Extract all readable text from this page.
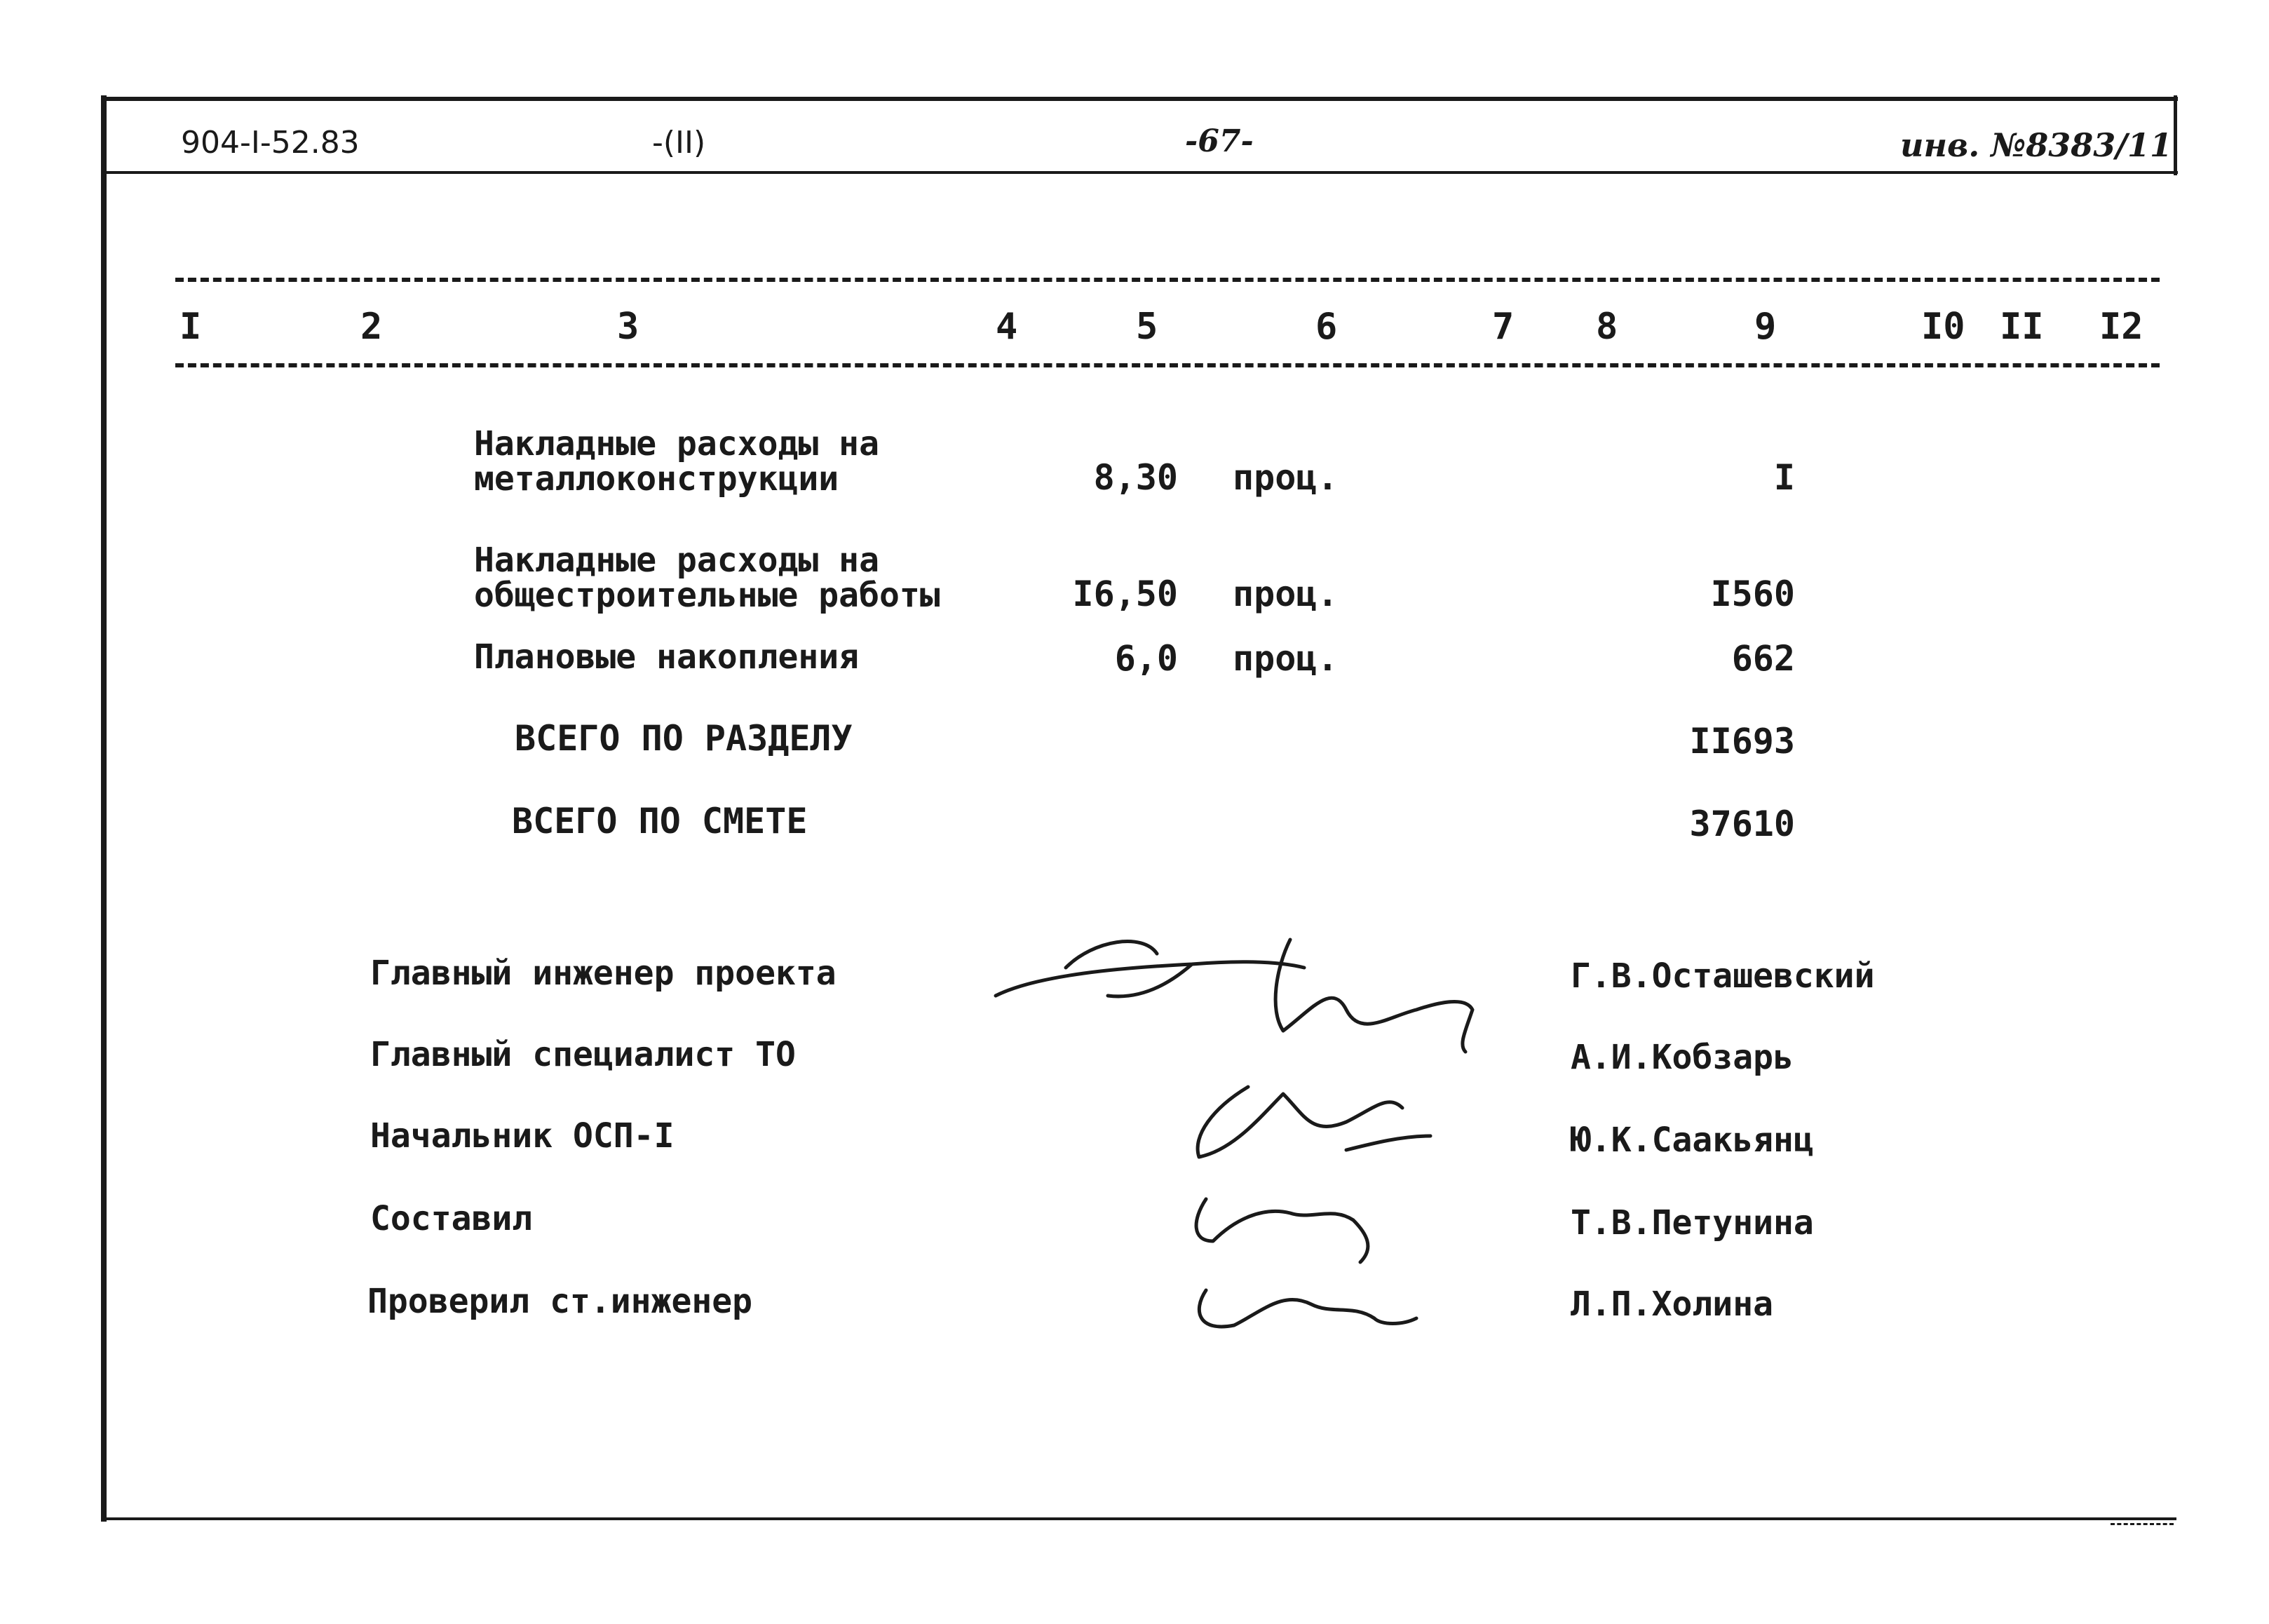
904-I-52.83	-(II)	-67-	инв. №8383/11
I	2	3	4	5	6	7 8	9	I0 II I2
Накладные расходы на
металлоконструкции	8,30 проц.	I
Накладные расходы на
общестроительные работы	I6,50 проц.	I560
Плановые накопления	6,0 проц.	662
ВСЕГО ПО РАЗДЕЛУ	II693
ВСЕГО ПО СМЕТЕ	37610
Главный инженер проекта	Г.В.Осташевский
Главный специалист ТО	А.И.Кобзарь
Начальник ОСП-I	Ю.К.Саакьянц
Составил	Т.В.Петунина
Проверил ст.инженер	Л.П.Холина
